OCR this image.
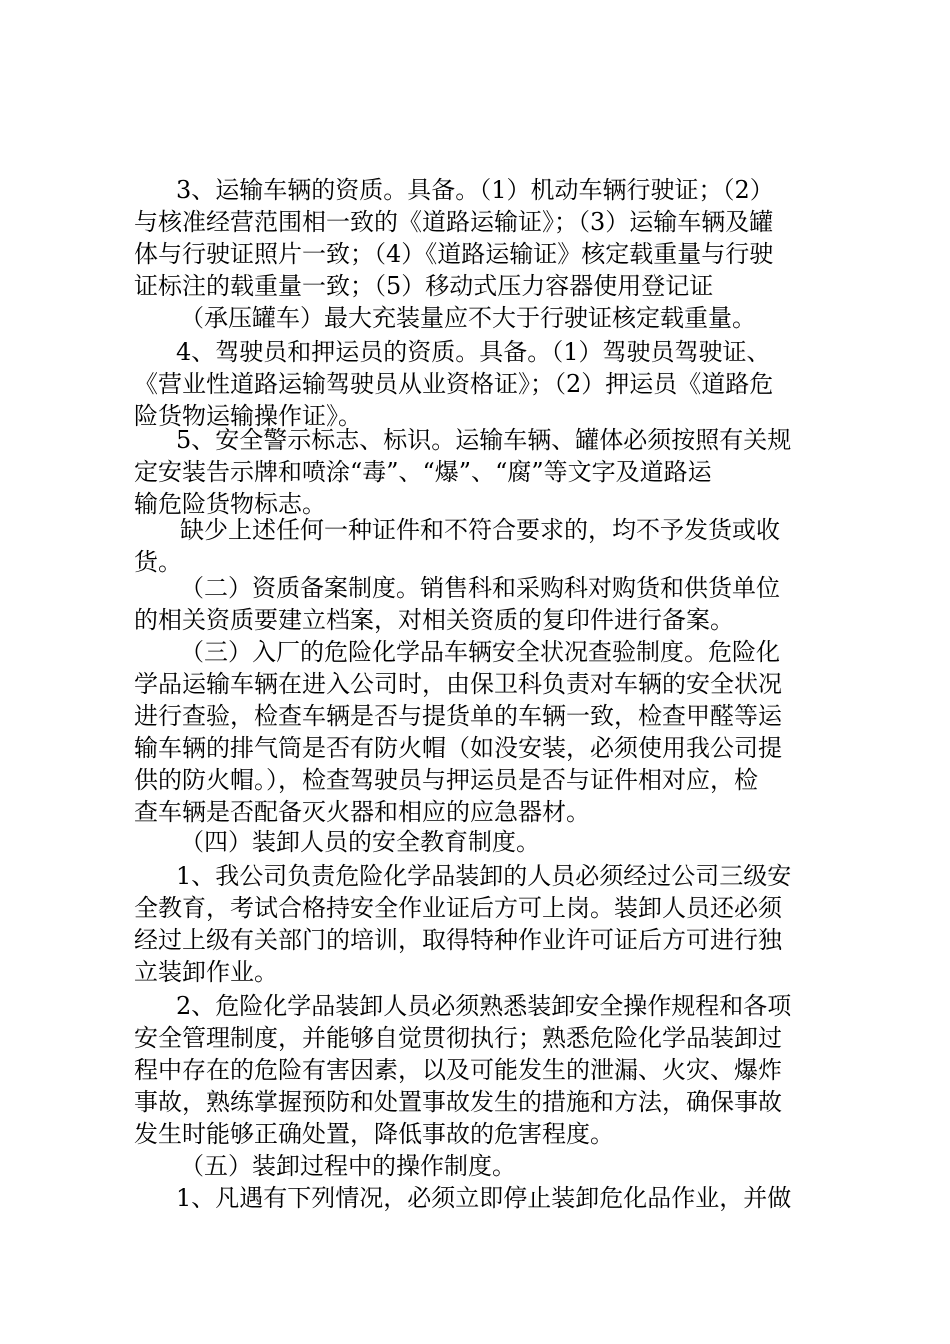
3、运输车辆的资质。具备。（1）机动车辆行驶证；（2）
与核准经营范围相一致的《道路运输证》；（3）运输车辆及罐
体与行驶证照片一致；（4）《道路运输证》核定载重量与行驶
证标注的载重量一致；（5）移动式压力容器使用登记证
（承压罐车）最大充装量应不大于行驶证核定载重量。
4、驾驶员和押运员的资质。具备。（1）驾驶员驾驶证、
《营业性道路运输驾驶员从业资格证》；（2）押运员《道路危
险货物运输操作证》。
5、安全警示标志、标识。运输车辆、罐体必须按照有关规
定安装告示牌和喷涂“毒”、“爆”、“腐”等文字及道路运
输危险货物标志。
缺少上述任何一种证件和不符合要求的，均不予发货或收
货。
（二）资质备案制度。销售科和采购科对购货和供货单位
的相关资质要建立档案，对相关资质的复印件进行备案。
（三）入厂的危险化学品车辆安全状况查验制度。危险化
学品运输车辆在进入公司时，由保卫科负责对车辆的安全状况
进行查验，检查车辆是否与提货单的车辆一致，检查甲醛等运
输车辆的排气筒是否有防火帽（如没安装，必须使用我公司提
供的防火帽。），检查驾驶员与押运员是否与证件相对应，检
查车辆是否配备灭火器和相应的应急器材。
（四）装卸人员的安全教育制度。
1、我公司负责危险化学品装卸的人员必须经过公司三级安
全教育，考试合格持安全作业证后方可上岗。装卸人员还必须
经过上级有关部门的培训，取得特种作业许可证后方可进行独
立装卸作业。
2、危险化学品装卸人员必须熟悉装卸安全操作规程和各项
安全管理制度，并能够自觉贯彻执行；熟悉危险化学品装卸过
程中存在的危险有害因素，以及可能发生的泄漏、火灾、爆炸
事故，熟练掌握预防和处置事故发生的措施和方法，确保事故
发生时能够正确处置，降低事故的危害程度。
（五）装卸过程中的操作制度。
1、凡遇有下列情况，必须立即停止装卸危化品作业，并做
